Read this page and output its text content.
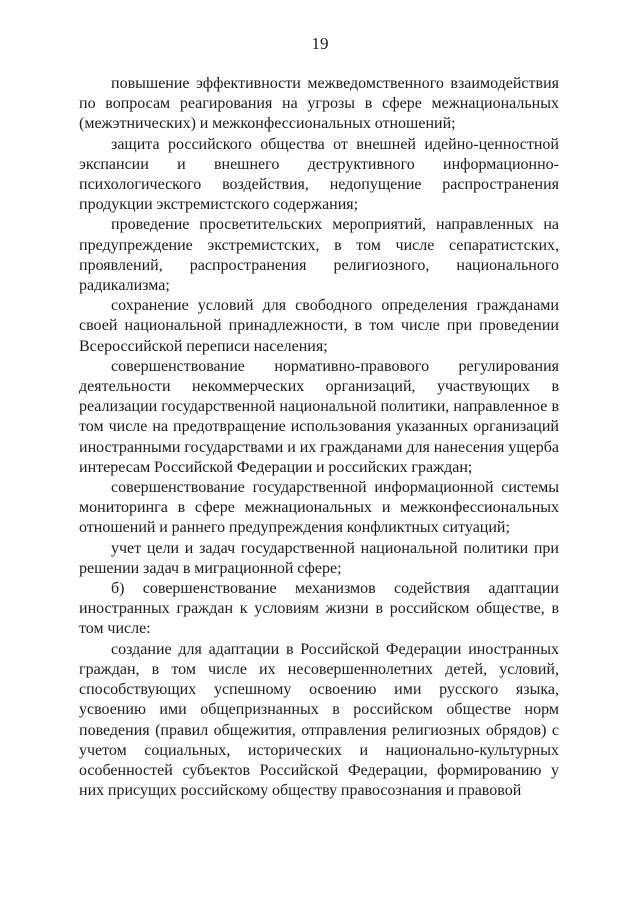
19

повышение эффективности межведомственного взаимодействия по вопросам реагирования на угрозы в сфере межнациональных (межэтнических) и межконфессиональных отношений;

защита российского общества от внешней идейно-ценностной экспансии и внешнего деструктивного информационно-психологического воздействия, недопущение распространения продукции экстремистского содержания;

проведение просветительских мероприятий, направленных на предупреждение экстремистских, в том числе сепаратистских, проявлений, распространения религиозного, национального радикализма;

сохранение условий для свободного определения гражданами своей национальной принадлежности, в том числе при проведении Всероссийской переписи населения;

совершенствование нормативно-правового регулирования деятельности некоммерческих организаций, участвующих в реализации государственной национальной политики, направленное в том числе на предотвращение использования указанных организаций иностранными государствами и их гражданами для нанесения ущерба интересам Российской Федерации и российских граждан;

совершенствование государственной информационной системы мониторинга в сфере межнациональных и межконфессиональных отношений и раннего предупреждения конфликтных ситуаций;

учет цели и задач государственной национальной политики при решении задач в миграционной сфере;

б) совершенствование механизмов содействия адаптации иностранных граждан к условиям жизни в российском обществе, в том числе:

создание для адаптации в Российской Федерации иностранных граждан, в том числе их несовершеннолетних детей, условий, способствующих успешному освоению ими русского языка, усвоению ими общепризнанных в российском обществе норм поведения (правил общежития, отправления религиозных обрядов) с учетом социальных, исторических и национально-культурных особенностей субъектов Российской Федерации, формированию у них присущих российскому обществу правосознания и правовой
